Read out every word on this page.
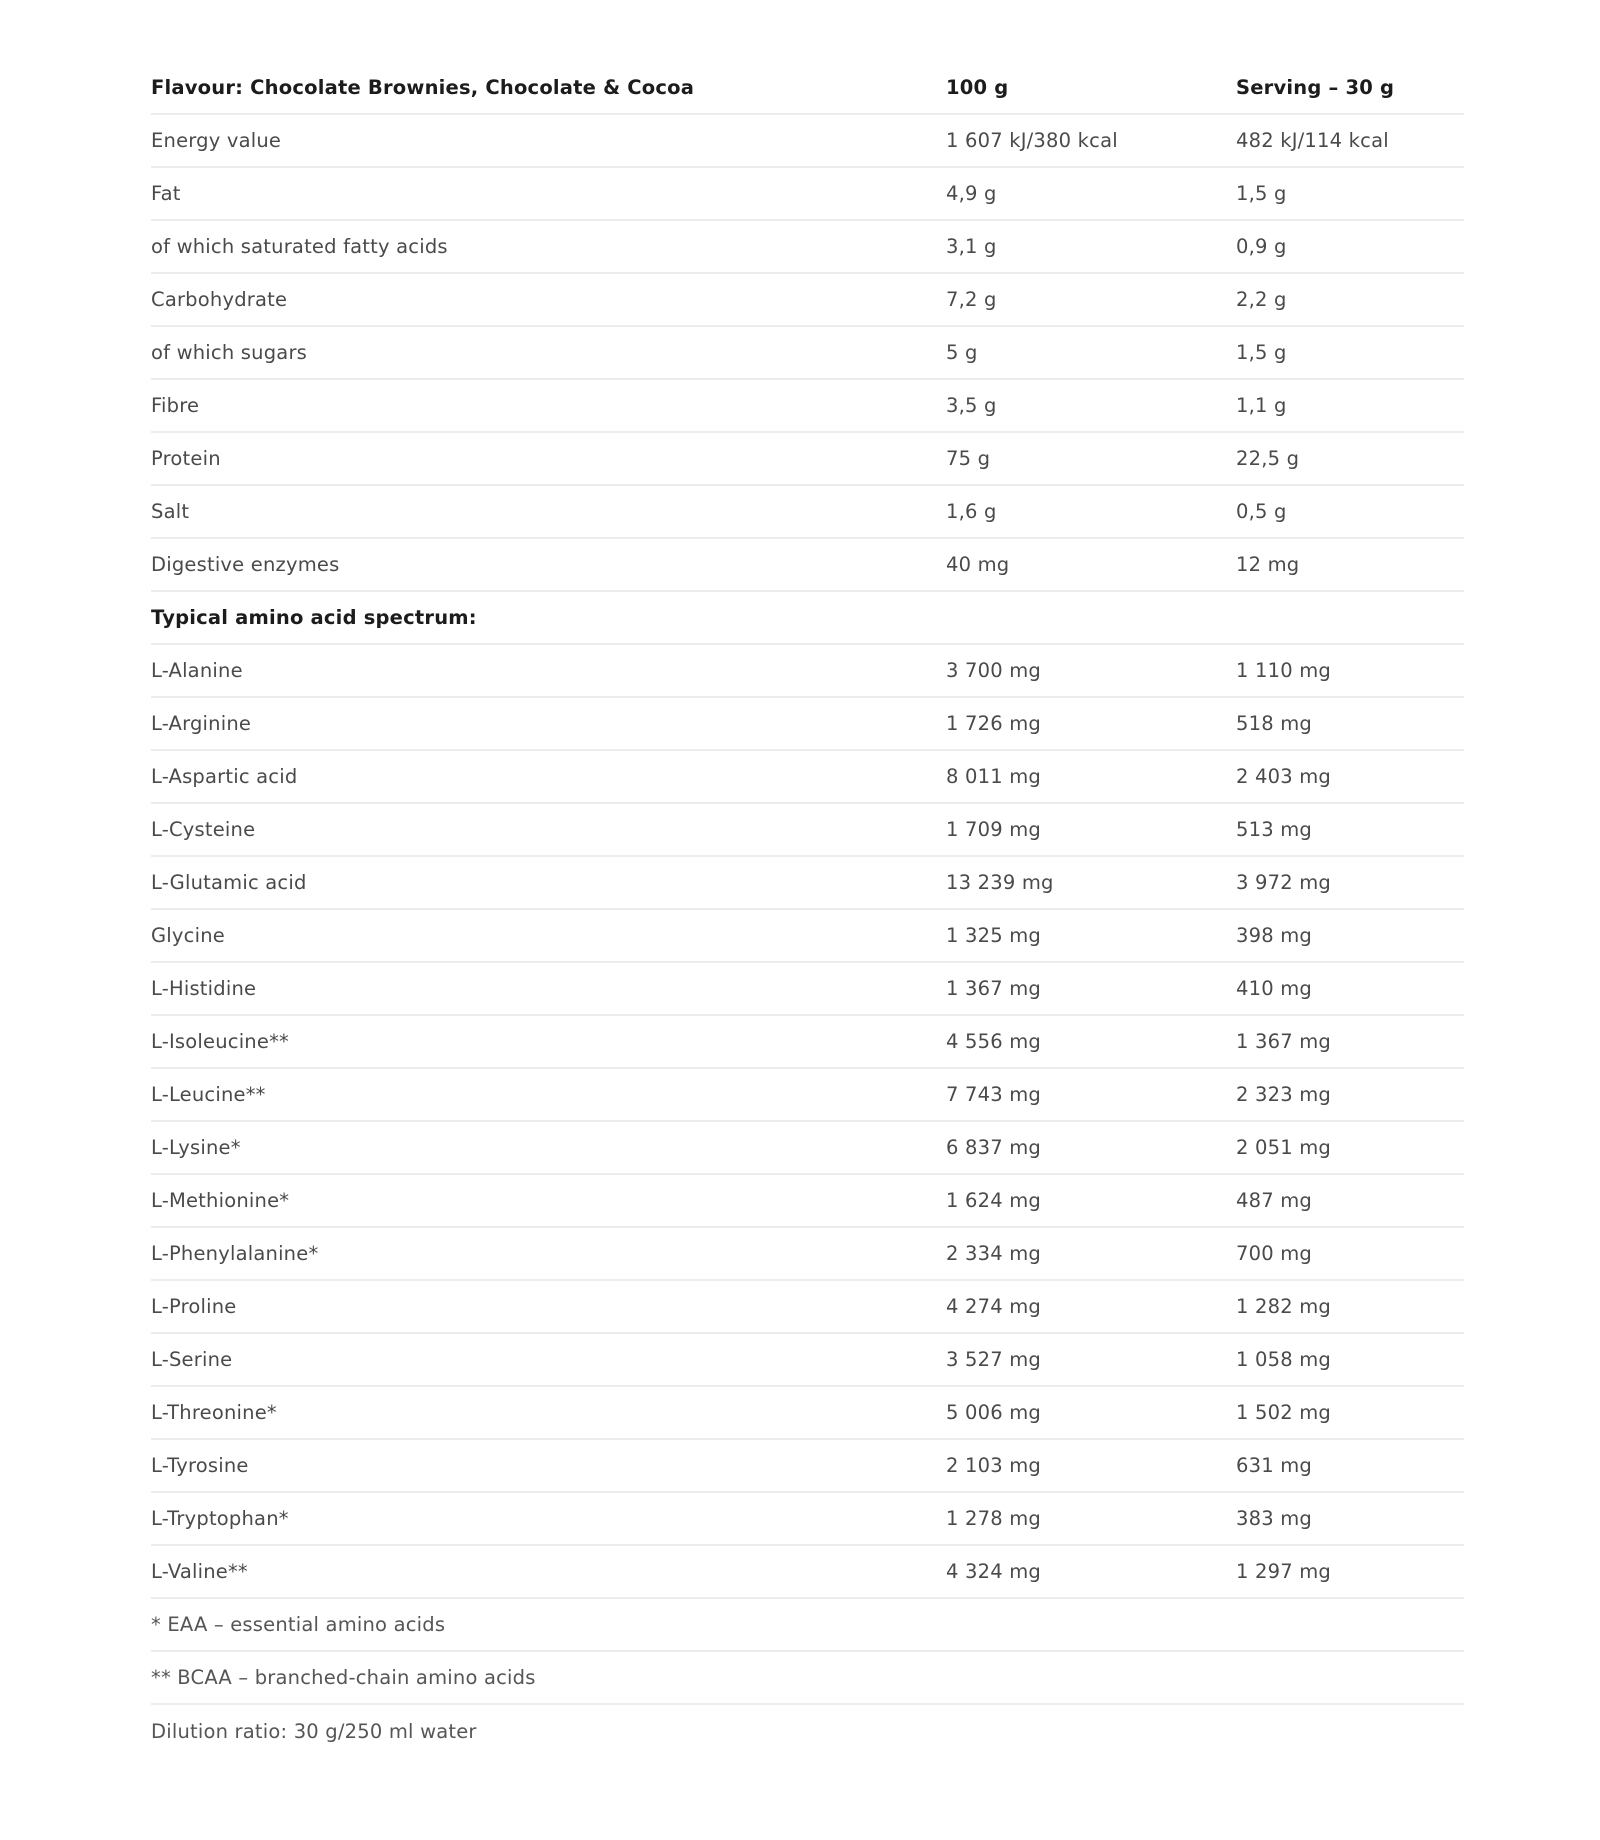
Flavour: Chocolate Brownies, Chocolate & Cocoa	100 g	Serving – 30 g
Energy value	1 607 kJ/380 kcal	482 kJ/114 kcal
Fat	4,9 g	1,5 g
of which saturated fatty acids	3,1 g	0,9 g
Carbohydrate	7,2 g	2,2 g
of which sugars	5 g	1,5 g
Fibre	3,5 g	1,1 g
Protein	75 g	22,5 g
Salt	1,6 g	0,5 g
Digestive enzymes	40 mg	12 mg
Typical amino acid spectrum:
L-Alanine	3 700 mg	1 110 mg
L-Arginine	1 726 mg	518 mg
L-Aspartic acid	8 011 mg	2 403 mg
L-Cysteine	1 709 mg	513 mg
L-Glutamic acid	13 239 mg	3 972 mg
Glycine	1 325 mg	398 mg
L-Histidine	1 367 mg	410 mg
L-Isoleucine**	4 556 mg	1 367 mg
L-Leucine**	7 743 mg	2 323 mg
L-Lysine*	6 837 mg	2 051 mg
L-Methionine*	1 624 mg	487 mg
L-Phenylalanine*	2 334 mg	700 mg
L-Proline	4 274 mg	1 282 mg
L-Serine	3 527 mg	1 058 mg
L-Threonine*	5 006 mg	1 502 mg
L-Tyrosine	2 103 mg	631 mg
L-Tryptophan*	1 278 mg	383 mg
L-Valine**	4 324 mg	1 297 mg
* EAA – essential amino acids
** BCAA – branched-chain amino acids
Dilution ratio: 30 g/250 ml water
